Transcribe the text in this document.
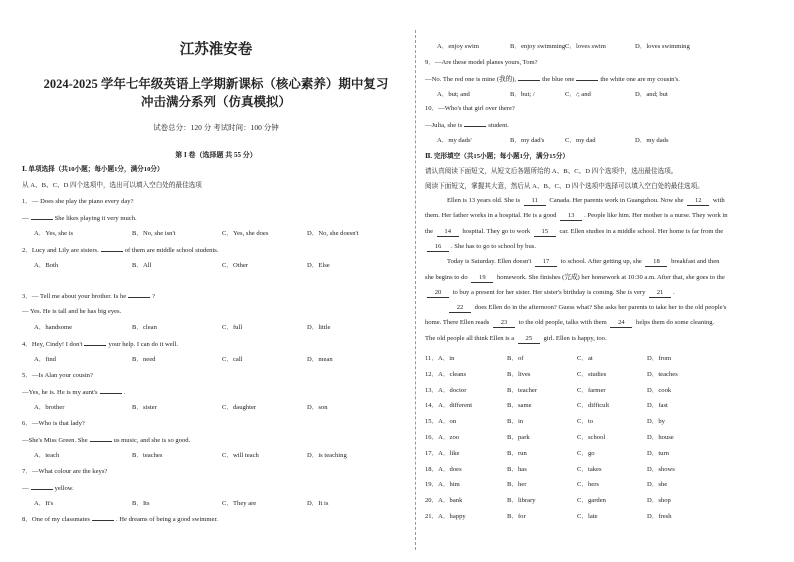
江苏淮安卷
2024-2025 学年七年级英语上学期新课标（核心素养）期中复习
冲击满分系列（仿真模拟）
试卷总分：120 分 考试时间：100 分钟
第 I 卷（选择题 共 55 分）
Ⅰ. 单项选择（共10小题；每小题1分，满分10分）
从 A、B、C、D 四个选项中，选出可以填入空白处的最佳选项
1．— Does she play the piano every day?
—	She likes playing it very much.
A．Yes, she is	B．No, she isn't	C．Yes, she does	D．No, she doesn't
2．Lucy and Lily are sisters.	of them are middle school students.
A．Both	B．All	C．Other	D．Else
3．— Tell me about your brother. Is he	?
— Yes. He is tall and he has big eyes.
A．handsome	B．clean	C．full	D．little
4．Hey, Cindy! I don't	your help. I can do it well.
A．find	B．need	C．call	D．mean
5．—Is Alan your cousin?
—Yes, he is. He is my aunt's	.
A．brother	B．sister	C．daughter	D．son
6．—Who is that lady?
—She's Miss Green. She	us music, and she is so good.
A．teach	B．teaches	C．will teach	D．is teaching
7．—What colour are the keys?
—	yellow.
A．It's	B．Its	C．They are	D．It is
8．One of my classmates	. He dreams of being a good swimmer.
A．enjoy swim	B．enjoy swimming C．loves swim	D．loves swimming
9．—Are these model planes yours, Tom?
—No. The red one is mine (我的),	the blue one	the white one are my cousin's.
A．but; and	B．but; /	C．/; and	D．and; but
10．—Who's that girl over there?
—Julia, she is	student.
A．my dads'	B．my dad's	C．my dad	D．my dads
Ⅱ. 完形填空（共15小题；每小题1分，满分15分）
请认真阅读下面短文，从短文后各题所给的 A、B、C、D 四个选项中，选出最佳选项。
阅读下面短文，掌握其大意，然后从 A、B、C、D 四个选项中选择可以填入空白处的最佳选项。
Ellen is 13 years old. She is 11 Canada. Her parents work in Guangzhou. Now she 12 with
them. Her father works in a hospital. He is a good 13 . People like him. Her mother is a nurse. They work in
the 14 hospital. They go to work 15 car. Ellen studies in a middle school. Her home is far from the
16 . She has to go to school by bus.
Today is Saturday. Ellen doesn't 17 to school. After getting up, she 18 breakfast and then
she begins to do 19 homework. She finishes (完成) her homework at 10:30 a.m. After that, she goes to the
20 to buy a present for her sister. Her sister's birthday is coming. She is very 21 .
22 does Ellen do in the afternoon? Guess what? She asks her parents to take her to the old people's
home. There Ellen reads 23 to the old people, talks with them 24 helps them do some cleaning.
The old people all think Ellen is a 25 girl. Ellen is happy, too.
11．A．in	B．of	C．at	D．from
12．A．cleans	B．lives	C．studies	D．teaches
13．A．doctor	B．teacher	C．farmer	D．cook
14．A．different	B．same	C．difficult	D．fast
15．A．on	B．in	C．to	D．by
16．A．zoo	B．park	C．school	D．house
17．A．like	B．run	C．go	D．turn
18．A．does	B．has	C．takes	D．shows
19．A．him	B．her	C．hers	D．she
20．A．bank	B．library	C．garden	D．shop
21．A．happy	B．for	C．late	D．fresh
